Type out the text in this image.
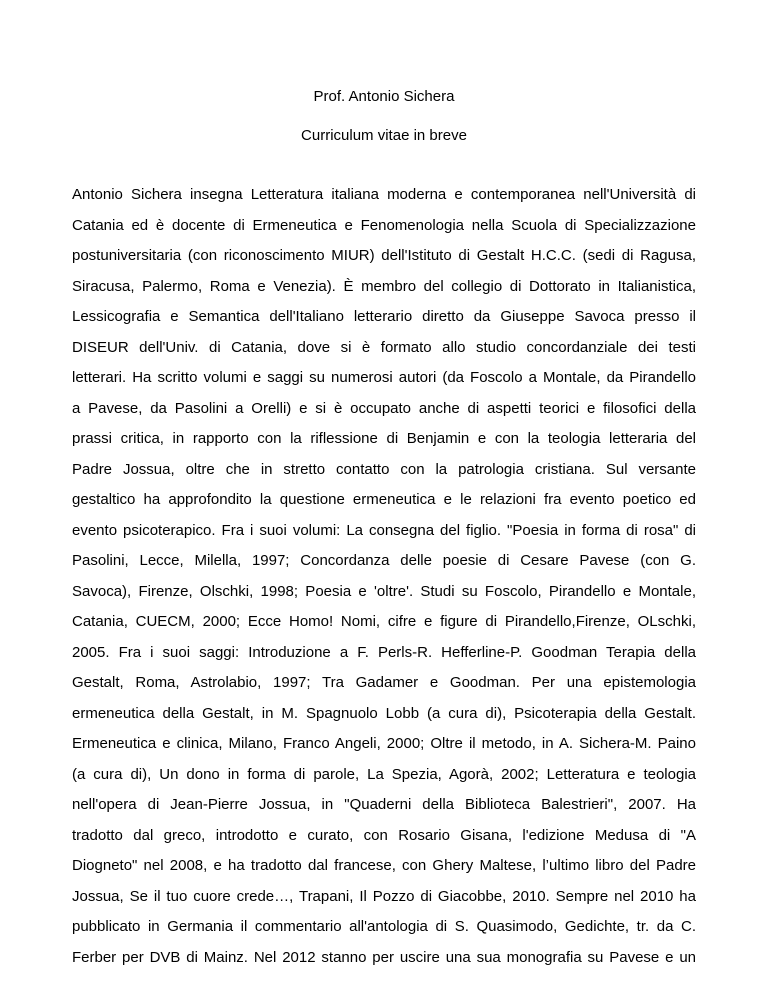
Prof. Antonio Sichera
Curriculum vitae in breve
Antonio Sichera insegna Letteratura italiana moderna e contemporanea nell'Università di
Catania ed è docente di Ermeneutica e Fenomenologia nella Scuola di Specializzazione
postuniversitaria (con riconoscimento MIUR) dell'Istituto di Gestalt H.C.C. (sedi di Ragusa,
Siracusa, Palermo, Roma e Venezia). È membro del collegio di Dottorato in Italianistica,
Lessicografia e Semantica dell'Italiano letterario diretto da Giuseppe Savoca presso il
DISEUR dell'Univ. di Catania, dove si è formato allo studio concordanziale dei testi
letterari. Ha scritto volumi e saggi su numerosi autori (da Foscolo a Montale, da Pirandello
a Pavese, da Pasolini a Orelli) e si è occupato anche di aspetti teorici e filosofici della
prassi critica, in rapporto con la riflessione di Benjamin e con la teologia letteraria del
Padre Jossua, oltre che in stretto contatto con la patrologia cristiana. Sul versante
gestaltico ha approfondito la questione ermeneutica e le relazioni fra evento poetico ed
evento psicoterapico. Fra i suoi volumi: La consegna del figlio. "Poesia in forma di rosa" di
Pasolini, Lecce, Milella, 1997; Concordanza delle poesie di Cesare Pavese (con G.
Savoca), Firenze, Olschki, 1998; Poesia e 'oltre'. Studi su Foscolo, Pirandello e Montale,
Catania, CUECM, 2000; Ecce Homo! Nomi, cifre e figure di Pirandello,Firenze, OLschki,
2005. Fra i suoi saggi: Introduzione a F. Perls-R. Hefferline-P. Goodman Terapia della
Gestalt, Roma, Astrolabio, 1997; Tra Gadamer e Goodman. Per una epistemologia
ermeneutica della Gestalt, in M. Spagnuolo Lobb (a cura di), Psicoterapia della Gestalt.
Ermeneutica e clinica, Milano, Franco Angeli, 2000; Oltre il metodo, in A. Sichera-M. Paino
(a cura di), Un dono in forma di parole, La Spezia, Agorà, 2002; Letteratura e teologia
nell'opera di Jean-Pierre Jossua, in "Quaderni della Biblioteca Balestrieri", 2007. Ha
tradotto dal greco, introdotto e curato, con Rosario Gisana, l'edizione Medusa di "A
Diogneto" nel 2008, e ha tradotto dal francese, con Ghery Maltese, l’ultimo libro del Padre
Jossua, Se il tuo cuore crede…, Trapani, Il Pozzo di Giacobbe, 2010. Sempre nel 2010 ha
pubblicato in Germania il commentario all'antologia di S. Quasimodo, Gedichte, tr. da C.
Ferber per DVB di Mainz. Nel 2012 stanno per uscire una sua monografia su Pavese e un
